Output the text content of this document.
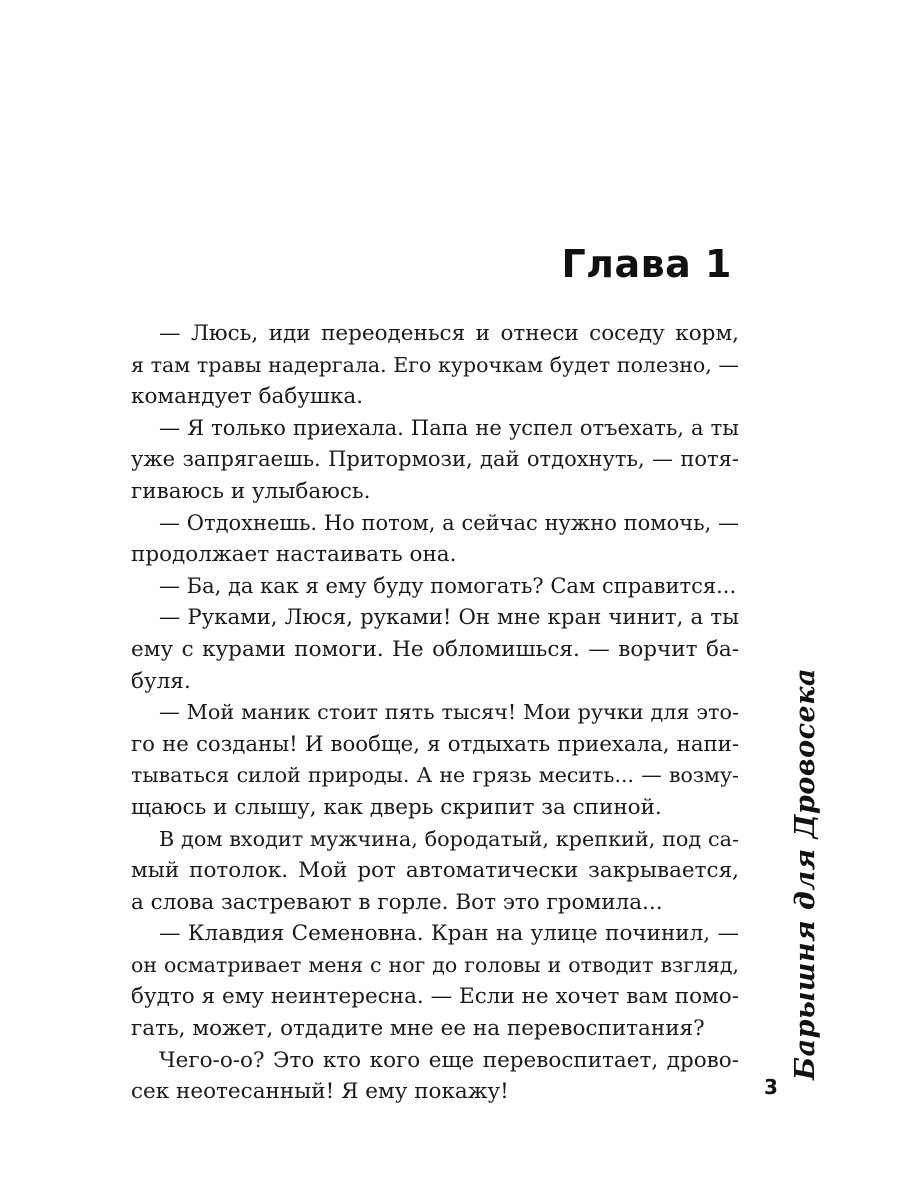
Глава 1
— Люсь, иди переоденься и отнеси соседу корм,
я там травы надергала. Его курочкам будет полезно, —
командует бабушка.
— Я только приехала. Папа не успел отъехать, а ты
уже запрягаешь. Притормози, дай отдохнуть, — потя-
гиваюсь и улыбаюсь.
— Отдохнешь. Но потом, а сейчас нужно помочь, —
продолжает настаивать она.
— Ба, да как я ему буду помогать? Сам справится...
— Руками, Люся, руками! Он мне кран чинит, а ты
ему с курами помоги. Не обломишься. — ворчит ба-
буля.
— Мой маник стоит пять тысяч! Мои ручки для это-
го не созданы! И вообще, я отдыхать приехала, напи-
тываться силой природы. А не грязь месить... — возму-
щаюсь и слышу, как дверь скрипит за спиной.
В дом входит мужчина, бородатый, крепкий, под са-
мый потолок. Мой рот автоматически закрывается,
а слова застревают в горле. Вот это громила...
— Клавдия Семеновна. Кран на улице починил, —
он осматривает меня с ног до головы и отводит взгляд,
будто я ему неинтересна. — Если не хочет вам помо-
гать, может, отдадите мне ее на перевоспитания?
Чего-о-о? Это кто кого еще перевоспитает, дрово-
сек неотесанный! Я ему покажу!
Барышня для Дровосека
3
